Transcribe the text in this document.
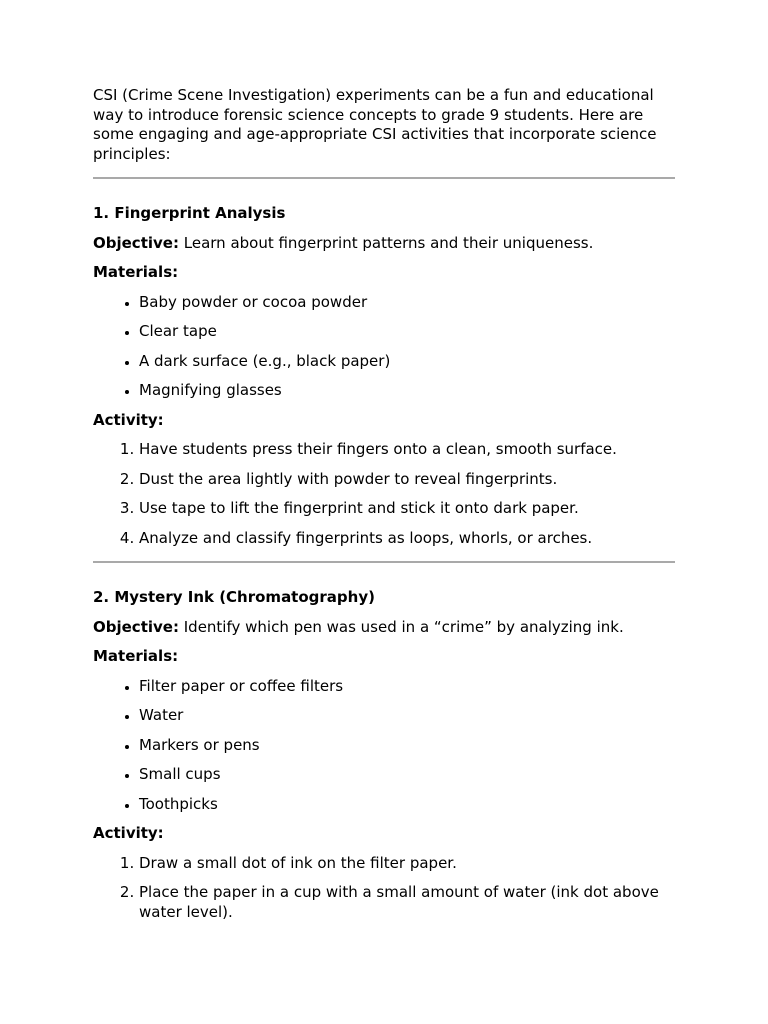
CSI (Crime Scene Investigation) experiments can be a fun and educational way to introduce forensic science concepts to grade 9 students. Here are some engaging and age-appropriate CSI activities that incorporate science principles:

1. Fingerprint Analysis

Objective: Learn about fingerprint patterns and their uniqueness.

Materials:

• Baby powder or cocoa powder
• Clear tape
• A dark surface (e.g., black paper)
• Magnifying glasses

Activity:

1. Have students press their fingers onto a clean, smooth surface.
2. Dust the area lightly with powder to reveal fingerprints.
3. Use tape to lift the fingerprint and stick it onto dark paper.
4. Analyze and classify fingerprints as loops, whorls, or arches.

2. Mystery Ink (Chromatography)

Objective: Identify which pen was used in a “crime” by analyzing ink.

Materials:

• Filter paper or coffee filters
• Water
• Markers or pens
• Small cups
• Toothpicks

Activity:

1. Draw a small dot of ink on the filter paper.
2. Place the paper in a cup with a small amount of water (ink dot above water level).
